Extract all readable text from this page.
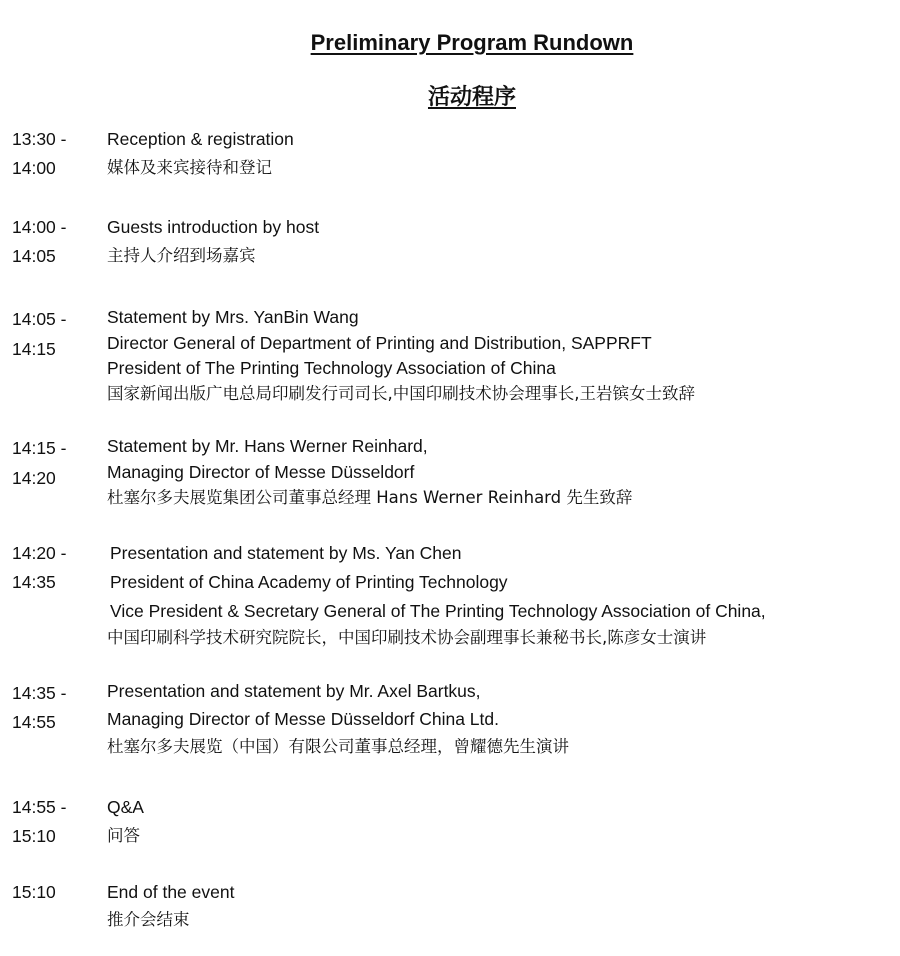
Preliminary Program Rundown
活动程序
13:30 -
14:00
Reception & registration
媒体及来宾接待和登记
14:00 -
14:05
Guests introduction by host
主持人介绍到场嘉宾
14:05 -
14:15
Statement by Mrs. YanBin Wang
Director General of Department of Printing and Distribution, SAPPRFT
President of The Printing Technology Association of China
国家新闻出版广电总局印刷发行司司长,中国印刷技术协会理事长,王岩镔女士致辞
14:15 -
14:20
Statement by Mr. Hans Werner Reinhard,
Managing Director of Messe Düsseldorf
杜塞尔多夫展览集团公司董事总经理 Hans Werner Reinhard 先生致辞
14:20 -
14:35
Presentation and statement by Ms. Yan Chen
President of China Academy of Printing Technology
Vice President & Secretary General of The Printing Technology Association of China,
中国印刷科学技术研究院院长，中国印刷技术协会副理事长兼秘书长,陈彦女士演讲
14:35 -
14:55
Presentation and statement by Mr. Axel Bartkus,
Managing Director of Messe Düsseldorf China Ltd.
杜塞尔多夫展览（中国）有限公司董事总经理，曾耀德先生演讲
14:55 -
15:10
Q&A
问答
15:10	End of the event
推介会结束
